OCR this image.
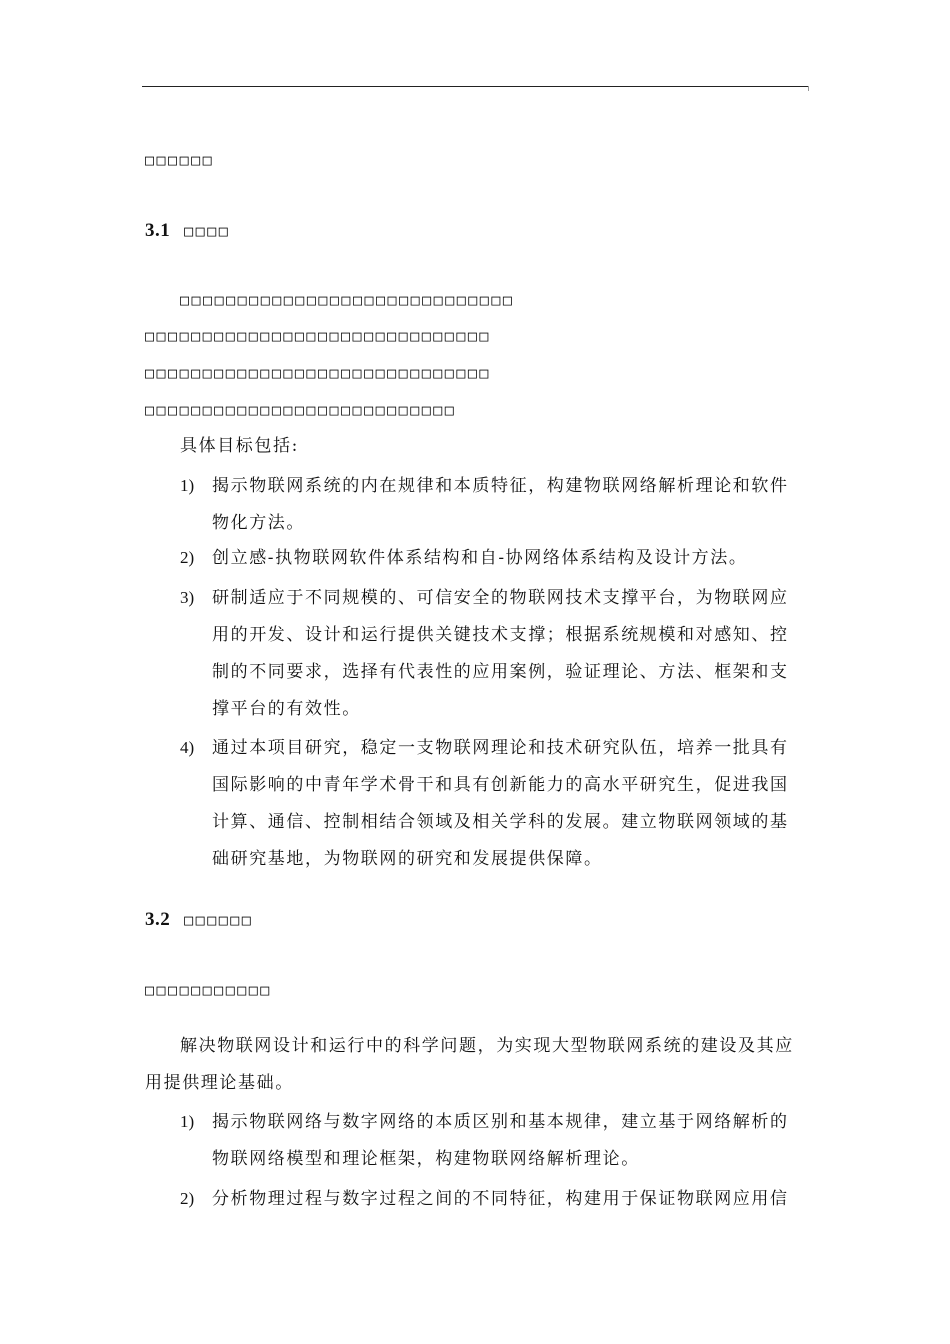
□□□□□□
3.1 □□□□
□□□□□□□□□□□□□□□□□□□□□□□□□□□□□
□□□□□□□□□□□□□□□□□□□□□□□□□□□□□□
□□□□□□□□□□□□□□□□□□□□□□□□□□□□□□
□□□□□□□□□□□□□□□□□□□□□□□□□□□
具体目标包括:
1) 揭示物联网系统的内在规律和本质特征，构建物联网络解析理论和软件
物化方法。
2) 创立感-执物联网软件体系结构和自-协网络体系结构及设计方法。
3) 研制适应于不同规模的、可信安全的物联网技术支撑平台，为物联网应
用的开发、设计和运行提供关键技术支撑；根据系统规模和对感知、控
制的不同要求，选择有代表性的应用案例，验证理论、方法、框架和支
撑平台的有效性。
4) 通过本项目研究，稳定一支物联网理论和技术研究队伍，培养一批具有
国际影响的中青年学术骨干和具有创新能力的高水平研究生，促进我国
计算、通信、控制相结合领域及相关学科的发展。建立物联网领域的基
础研究基地，为物联网的研究和发展提供保障。
3.2 □□□□□□
□□□□□□□□□□□
解决物联网设计和运行中的科学问题，为实现大型物联网系统的建设及其应
用提供理论基础。
1) 揭示物联网络与数字网络的本质区别和基本规律，建立基于网络解析的
物联网络模型和理论框架，构建物联网络解析理论。
2) 分析物理过程与数字过程之间的不同特征，构建用于保证物联网应用信
